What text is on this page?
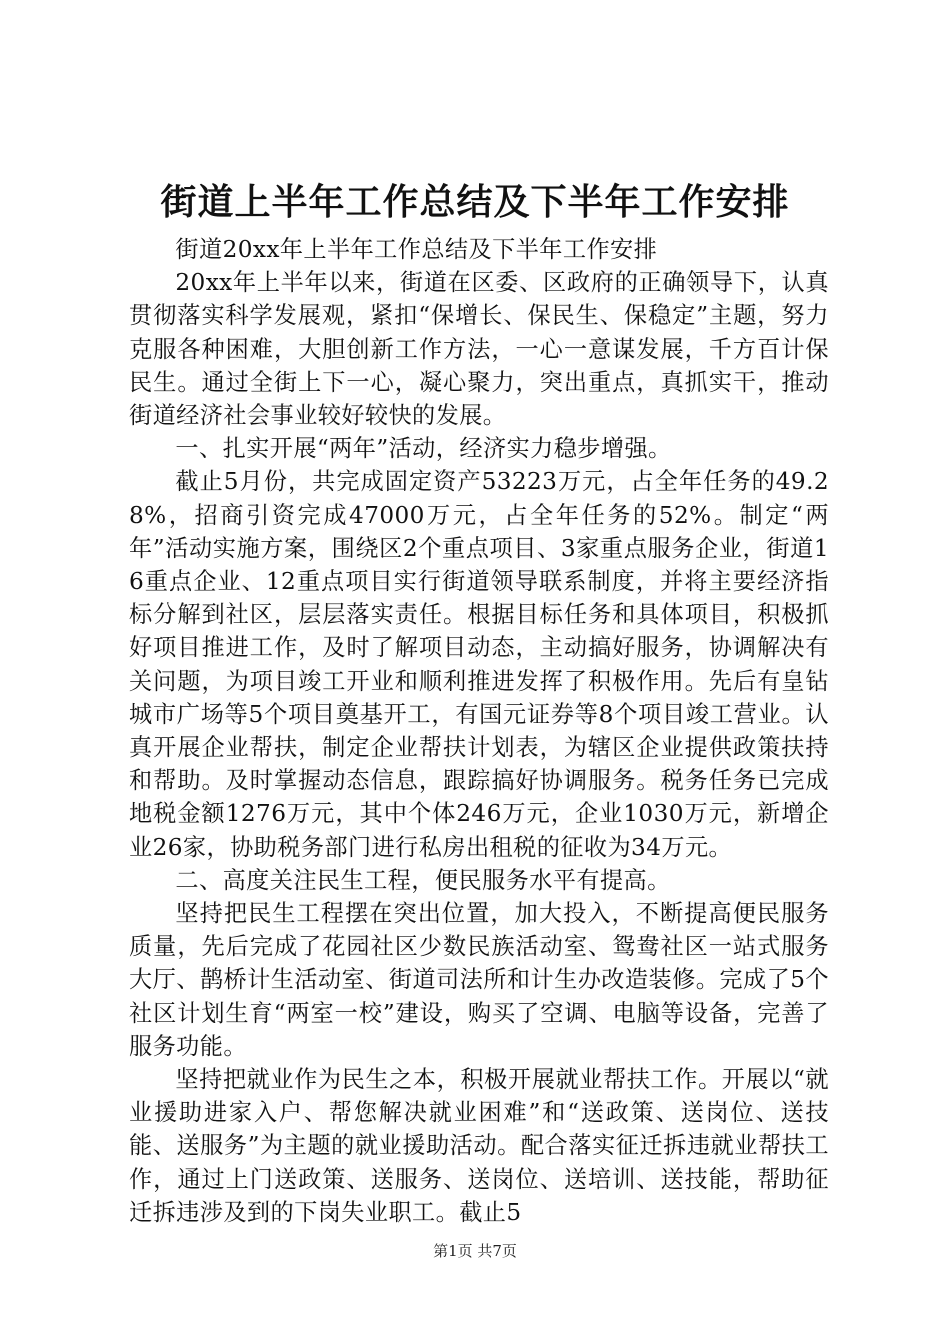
街道上半年工作总结及下半年工作安排

街道20xx年上半年工作总结及下半年工作安排

20xx年上半年以来，街道在区委、区政府的正确领导下，认真贯彻落实科学发展观，紧扣“保增长、保民生、保稳定”主题，努力克服各种困难，大胆创新工作方法，一心一意谋发展，千方百计保民生。通过全街上下一心，凝心聚力，突出重点，真抓实干，推动街道经济社会事业较好较快的发展。

一、扎实开展“两年”活动，经济实力稳步增强。

截止5月份，共完成固定资产53223万元，占全年任务的49.28%，招商引资完成47000万元，占全年任务的52%。制定“两年”活动实施方案，围绕区2个重点项目、3家重点服务企业，街道16重点企业、12重点项目实行街道领导联系制度，并将主要经济指标分解到社区，层层落实责任。根据目标任务和具体项目，积极抓好项目推进工作，及时了解项目动态，主动搞好服务，协调解决有关问题，为项目竣工开业和顺利推进发挥了积极作用。先后有皇钻城市广场等5个项目奠基开工，有国元证券等8个项目竣工营业。认真开展企业帮扶，制定企业帮扶计划表，为辖区企业提供政策扶持和帮助。及时掌握动态信息，跟踪搞好协调服务。税务任务已完成地税金额1276万元，其中个体246万元，企业1030万元，新增企业26家，协助税务部门进行私房出租税的征收为34万元。

二、高度关注民生工程，便民服务水平有提高。

坚持把民生工程摆在突出位置，加大投入，不断提高便民服务质量，先后完成了花园社区少数民族活动室、鸳鸯社区一站式服务大厅、鹊桥计生活动室、街道司法所和计生办改造装修。完成了5个社区计划生育“两室一校”建设，购买了空调、电脑等设备，完善了服务功能。

坚持把就业作为民生之本，积极开展就业帮扶工作。开展以“就业援助进家入户、帮您解决就业困难”和“送政策、送岗位、送技能、送服务”为主题的就业援助活动。配合落实征迁拆违就业帮扶工作，通过上门送政策、送服务、送岗位、送培训、送技能，帮助征迁拆违涉及到的下岗失业职工。截止5

第1页 共7页
